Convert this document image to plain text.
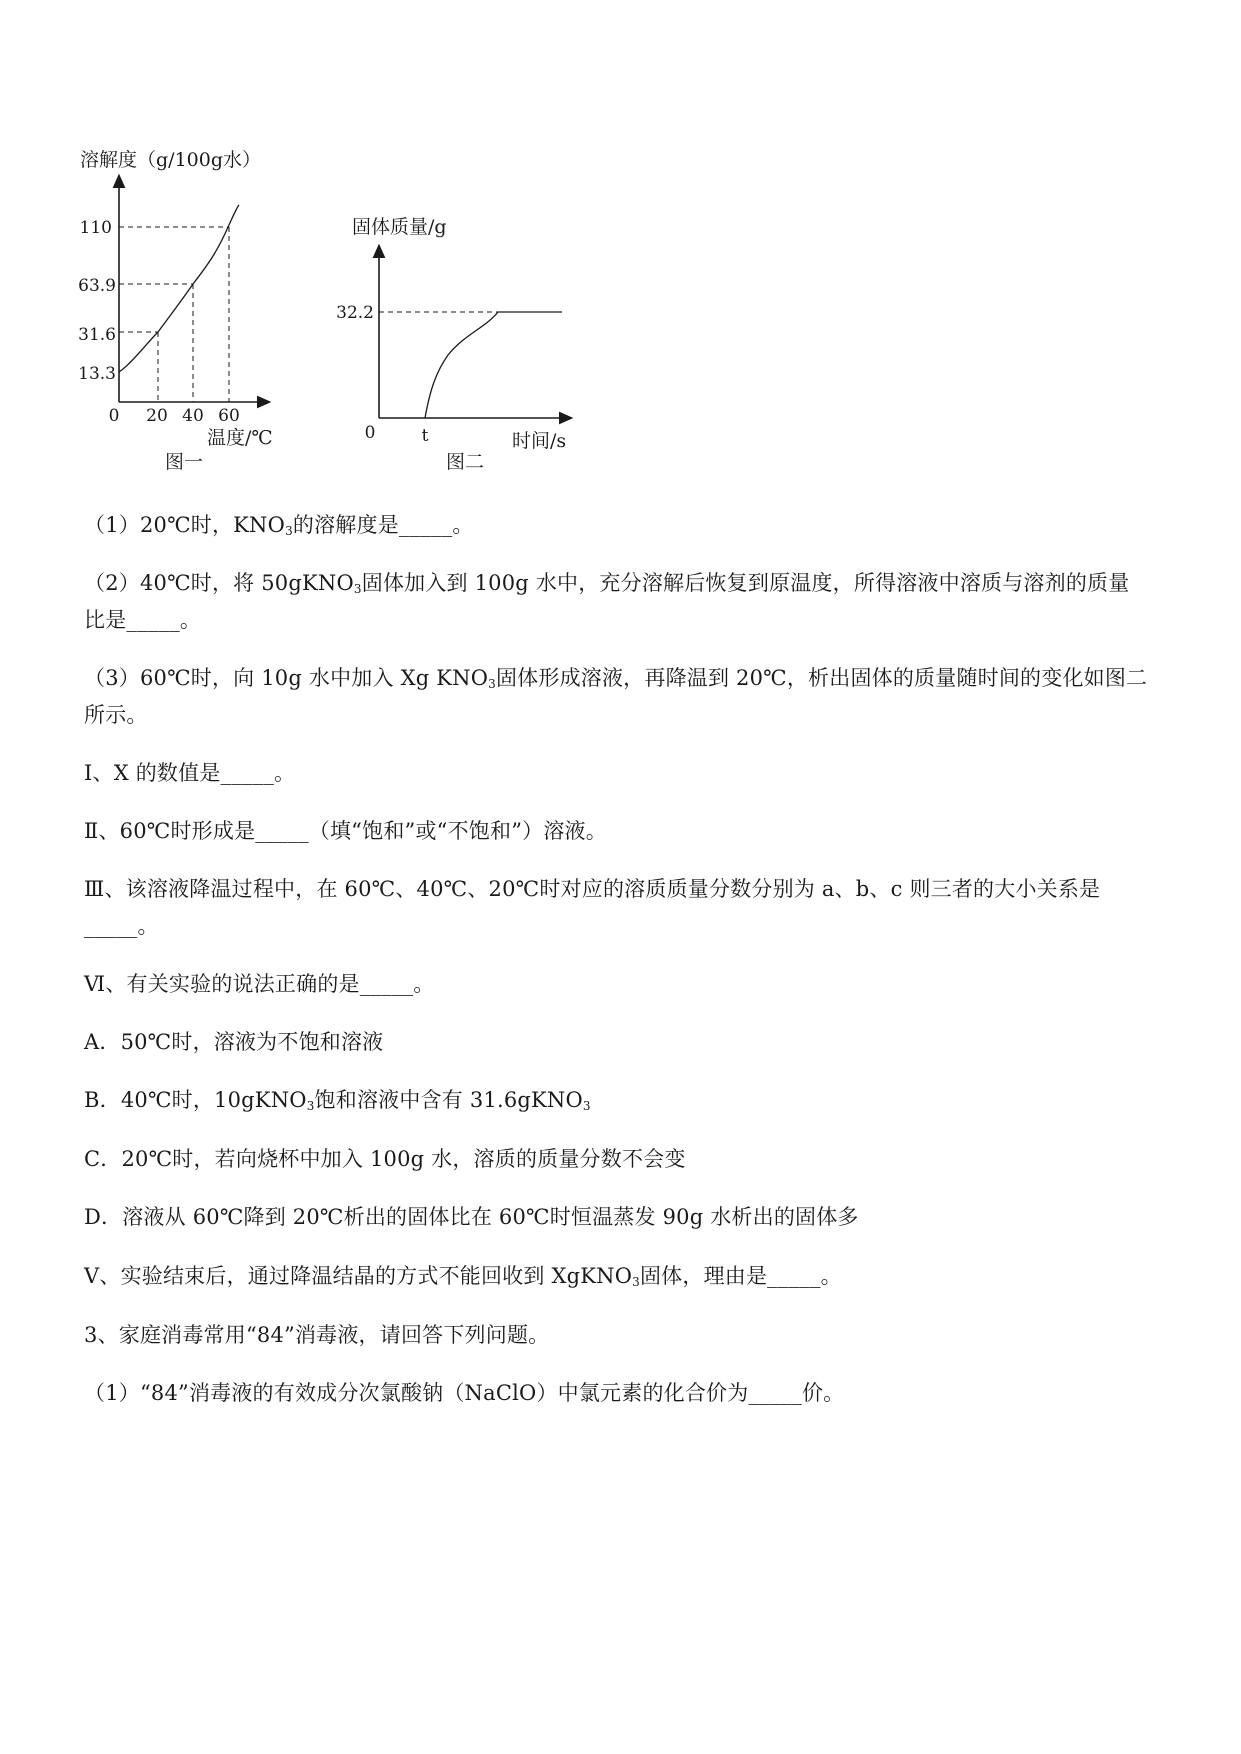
溶解度（g/100g水）
110
63.9
31.6
13.3
0 20 40 60
温度/℃
图一
固体质量/g
32.2
0	t	时间/s
图二
（1）20℃时，$KNO_3$的溶解度是_____。
（2）40℃时，将 50gKNO$_3$固体加入到 100g 水中，充分溶解后恢复到原温度，所得溶液中溶质与溶剂的质量
比是_____。
（3）60℃时，向 10g 水中加入 Xg $KNO_3$固体形成溶液，再降温到 20℃，析出固体的质量随时间的变化如图二
所示。
Ⅰ、X 的数值是_____。
Ⅱ、60℃时形成是_____（填“饱和”或“不饱和”）溶液。
Ⅲ、该溶液降温过程中，在 60℃、40℃、20℃时对应的溶质质量分数分别为 a、b、c 则三者的大小关系是
_____。
Ⅵ、有关实验的说法正确的是_____。
A．50℃时，溶液为不饱和溶液
B．40℃时，10gKNO$_3$饱和溶液中含有 31.6gKNO$_3$
C．20℃时，若向烧杯中加入 100g 水，溶质的质量分数不会变
D．溶液从 60℃降到 20℃析出的固体比在 60℃时恒温蒸发 90g 水析出的固体多
Ⅴ、实验结束后，通过降温结晶的方式不能回收到 XgKNO$_3$固体，理由是_____。
3、家庭消毒常用“84”消毒液，请回答下列问题。
（1）“84”消毒液的有效成分次氯酸钠（NaClO）中氯元素的化合价为_____价。
